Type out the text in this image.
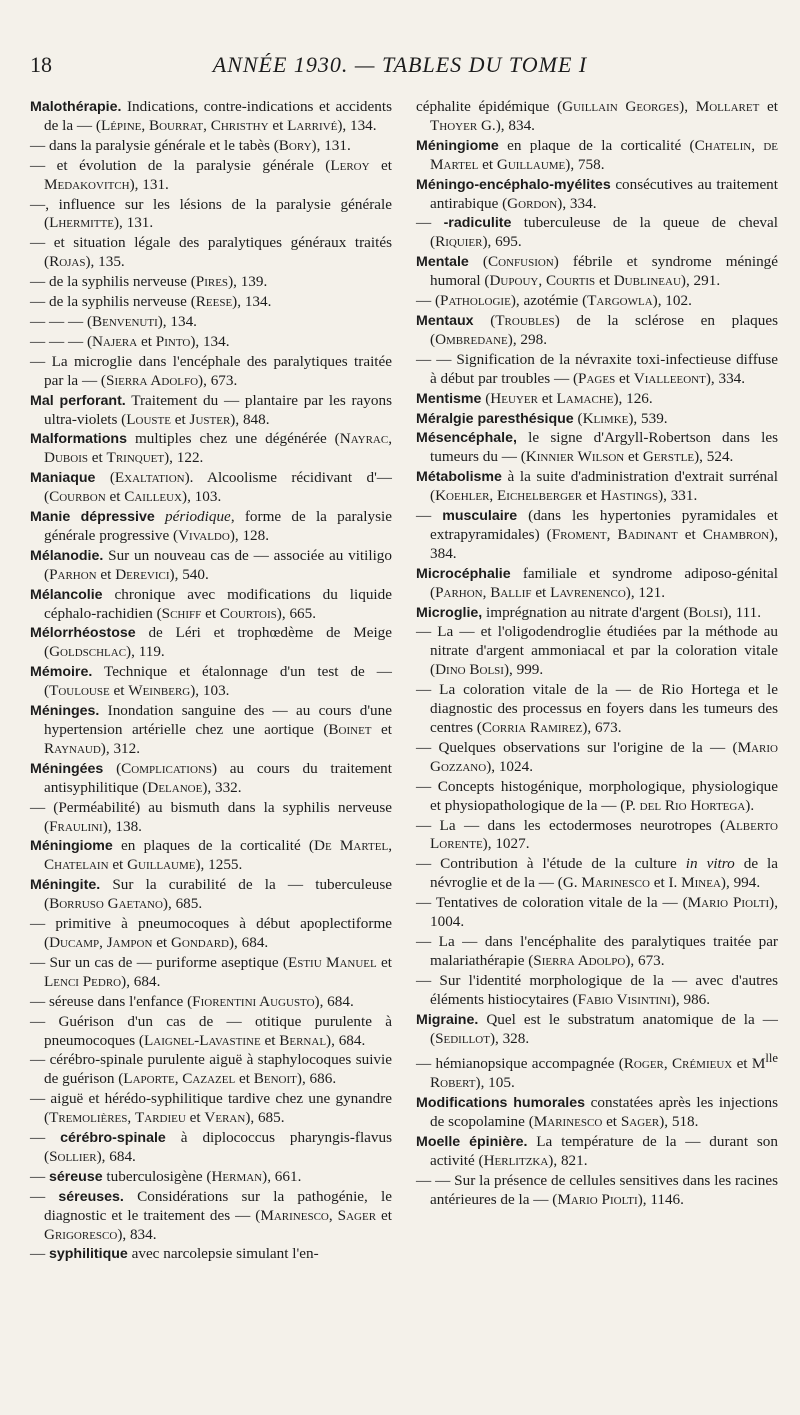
18	ANNÉE 1930. — TABLES DU TOME I

Malothérapie. Indications, contre-indications et accidents de la — (Lépine, Bourrat, Christhy et Larrivé), 134.

— dans la paralysie générale et le tabès (Bory), 131.

— et évolution de la paralysie générale (Leroy et Medakovitch), 131.

—, influence sur les lésions de la paralysie générale (Lhermitte), 131.

— et situation légale des paralytiques généraux traités (Rojas), 135.

— de la syphilis nerveuse (Pires), 139.

— de la syphilis nerveuse (Reese), 134.

— — — (Benvenuti), 134.

— — — (Najera et Pinto), 134.

— La microglie dans l'encéphale des paralytiques traitée par la — (Sierra Adolfo), 673.

Mal perforant. Traitement du — plantaire par les rayons ultra-violets (Louste et Juster), 848.

Malformations multiples chez une dégénérée (Nayrac, Dubois et Trinquet), 122.

Maniaque (Exaltation). Alcoolisme récidivant d'— (Courbon et Cailleux), 103.

Manie dépressive périodique, forme de la paralysie générale progressive (Vivaldo), 128.

Mélanodie. Sur un nouveau cas de — associée au vitiligo (Parhon et Derevici), 540.

Mélancolie chronique avec modifications du liquide céphalo-rachidien (Schiff et Courtois), 665.

Mélorrhéostose de Léri et trophœdème de Meige (Goldschlac), 119.

Mémoire. Technique et étalonnage d'un test de — (Toulouse et Weinberg), 103.

Méninges. Inondation sanguine des — au cours d'une hypertension artérielle chez une aortique (Boinet et Raynaud), 312.

Méningées (Complications) au cours du traitement antisyphilitique (Delanoe), 332.

— (Perméabilité) au bismuth dans la syphilis nerveuse (Fraulini), 138.

Méningiome en plaques de la corticalité (De Martel, Chatelain et Guillaume), 1255.

Méningite. Sur la curabilité de la — tuberculeuse (Borruso Gaetano), 685.

— primitive à pneumocoques à début apoplectiforme (Ducamp, Jampon et Gondard), 684.

— Sur un cas de — puriforme aseptique (Estiu Manuel et Lenci Pedro), 684.

— séreuse dans l'enfance (Fiorentini Augusto), 684.

— Guérison d'un cas de — otitique purulente à pneumocoques (Laignel-Lavastine et Bernal), 684.

— cérébro-spinale purulente aiguë à staphylocoques suivie de guérison (Laporte, Cazazel et Benoit), 686.

— aiguë et hérédo-syphilitique tardive chez une gynandre (Tremolières, Tardieu et Veran), 685.

— cérébro-spinale à diplococcus pharyngis-flavus (Sollier), 684.

— séreuse tuberculosigène (Herman), 661.

— séreuses. Considérations sur la pathogénie, le diagnostic et le traitement des — (Marinesco, Sager et Grigoresco), 834.

— syphilitique avec narcolepsie simulant l'en-

céphalite épidémique (Guillain Georges), Mollaret et Thoyer G.), 834.

Méningiome en plaque de la corticalité (Chatelin, de Martel et Guillaume), 758.

Méningo-encéphalo-myélites consécutives au traitement antirabique (Gordon), 334.

— -radiculite tuberculeuse de la queue de cheval (Riquier), 695.

Mentale (Confusion) fébrile et syndrome méningé humoral (Dupouy, Courtis et Dublineau), 291.

— (Pathologie), azotémie (Targowla), 102.

Mentaux (Troubles) de la sclérose en plaques (Ombredane), 298.

— — Signification de la névraxite toxi-infectieuse diffuse à début par troubles — (Pages et Vialleeont), 334.

Mentisme (Heuyer et Lamache), 126.

Méralgie paresthésique (Klimke), 539.

Mésencéphale, le signe d'Argyll-Robertson dans les tumeurs du — (Kinnier Wilson et Gerstle), 524.

Métabolisme à la suite d'administration d'extrait surrénal (Koehler, Eichelberger et Hastings), 331.

— musculaire (dans les hypertonies pyramidales et extrapyramidales) (Froment, Badinant et Chambron), 384.

Microcéphalie familiale et syndrome adiposo-génital (Parhon, Ballif et Lavrenenco), 121.

Microglie, imprégnation au nitrate d'argent (Bolsi), 111.

— La — et l'oligodendroglie étudiées par la méthode au nitrate d'argent ammoniacal et par la coloration vitale (Dino Bolsi), 999.

— La coloration vitale de la — de Rio Hortega et le diagnostic des processus en foyers dans les tumeurs des centres (Corria Ramirez), 673.

— Quelques observations sur l'origine de la — (Mario Gozzano), 1024.

— Concepts histogénique, morphologique, physiologique et physiopathologique de la — (P. del Rio Hortega).

— La — dans les ectodermoses neurotropes (Alberto Lorente), 1027.

— Contribution à l'étude de la culture in vitro de la névroglie et de la — (G. Marinesco et I. Minea), 994.

— Tentatives de coloration vitale de la — (Mario Piolti), 1004.

— La — dans l'encéphalite des paralytiques traitée par malariathérapie (Sierra Adolpo), 673.

— Sur l'identité morphologique de la — avec d'autres éléments histiocytaires (Fabio Visintini), 986.

Migraine. Quel est le substratum anatomique de la — (Sedillot), 328.

— hémianopsique accompagnée (Roger, Crémieux et $M^{lle}$ Robert), 105.

Modifications humorales constatées après les injections de scopolamine (Marinesco et Sager), 518.

Moelle épinière. La température de la — durant son activité (Herlitzka), 821.

— — Sur la présence de cellules sensitives dans les racines antérieures de la — (Mario Piolti), 1146.
